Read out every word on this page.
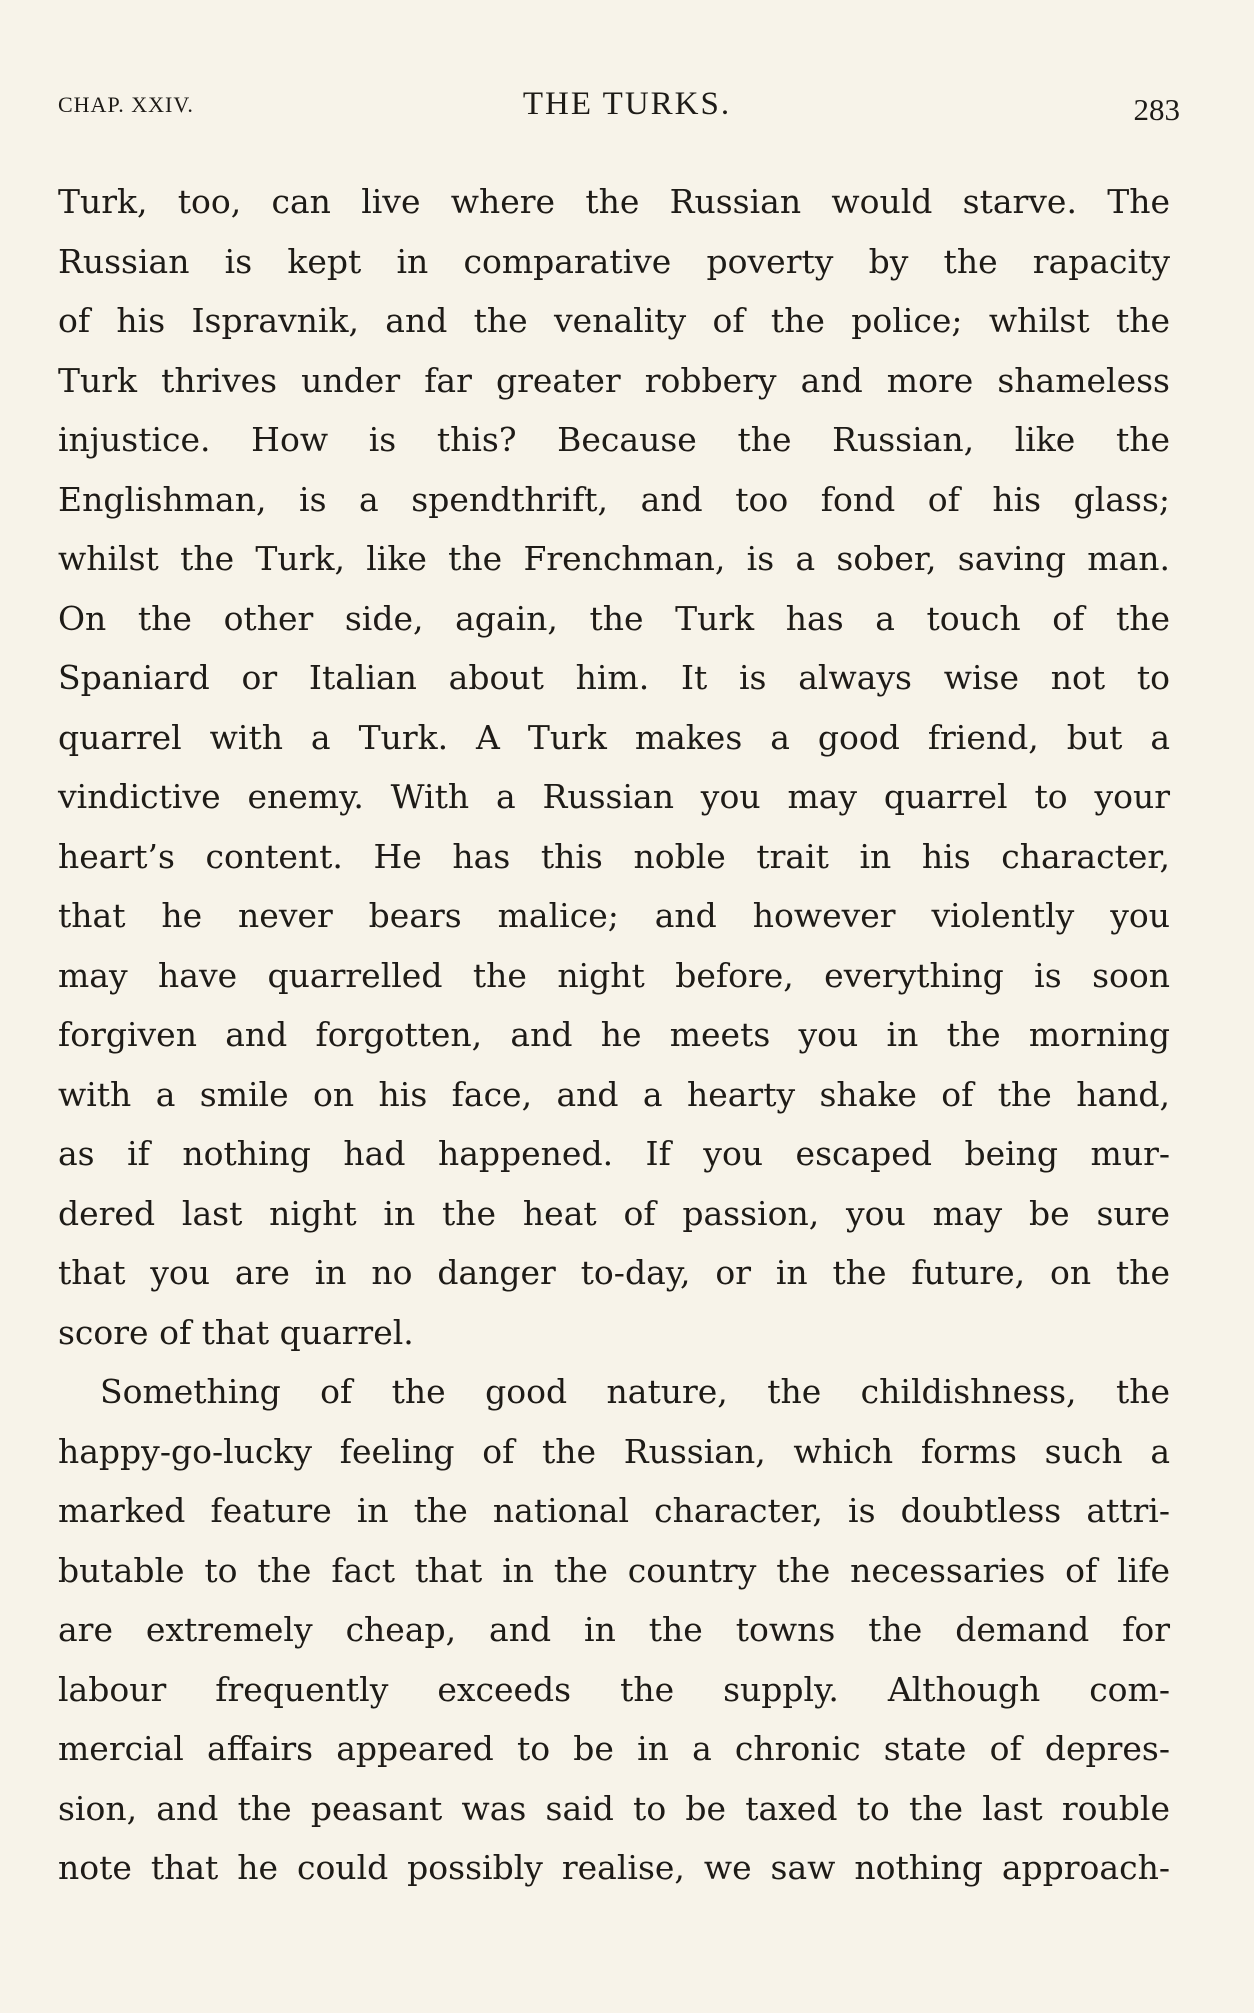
CHAP. XXIV.	THE TURKS.	283
Turk, too, can live where the Russian would starve. The
Russian is kept in comparative poverty by the rapacity
of his Ispravnik, and the venality of the police; whilst the
Turk thrives under far greater robbery and more shameless
injustice. How is this? Because the Russian, like the
Englishman, is a spendthrift, and too fond of his glass;
whilst the Turk, like the Frenchman, is a sober, saving man.
On the other side, again, the Turk has a touch of the
Spaniard or Italian about him. It is always wise not to
quarrel with a Turk. A Turk makes a good friend, but a
vindictive enemy. With a Russian you may quarrel to your
heart’s content. He has this noble trait in his character,
that he never bears malice; and however violently you
may have quarrelled the night before, everything is soon
forgiven and forgotten, and he meets you in the morning
with a smile on his face, and a hearty shake of the hand,
as if nothing had happened. If you escaped being mur-
dered last night in the heat of passion, you may be sure
that you are in no danger to-day, or in the future, on the
score of that quarrel.
Something of the good nature, the childishness, the
happy-go-lucky feeling of the Russian, which forms such a
marked feature in the national character, is doubtless attri-
butable to the fact that in the country the necessaries of life
are extremely cheap, and in the towns the demand for
labour frequently exceeds the supply. Although com-
mercial affairs appeared to be in a chronic state of depres-
sion, and the peasant was said to be taxed to the last rouble
note that he could possibly realise, we saw nothing approach-
